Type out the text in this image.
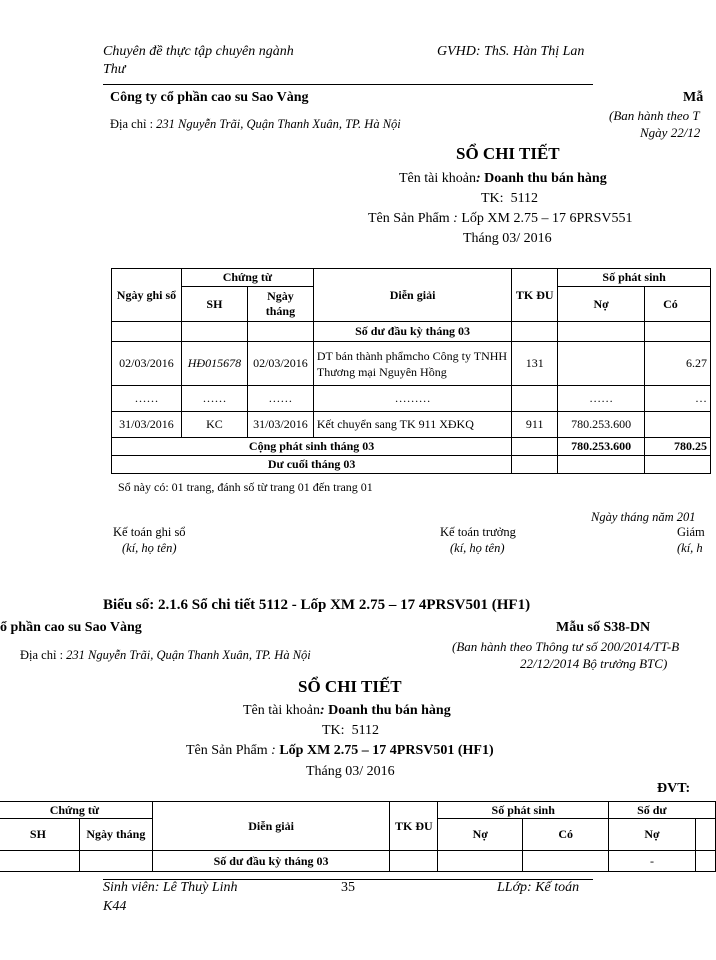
Chuyên đề thực tập chuyên ngành
Thư
GVHD: ThS. Hàn Thị Lan
Công ty cổ phần cao su Sao Vàng	Mẫ
Địa chỉ : 231 Nguyễn Trãi, Quận Thanh Xuân, TP. Hà Nội
(Ban hành theo T
Ngày 22/12
SỔ CHI TIẾT
Tên tài khoản: Doanh thu bán hàng
TK: 5112
Tên Sản Phẩm : Lốp XM 2.75 – 17 6PRSV551
Tháng 03/ 2016
Ngày ghi sổ	Chứng từ		Diễn giải	TK ĐU	Số phát sinh	
	SH	Ngày tháng			Nợ	Có
			Số dư đầu kỳ tháng 03			
02/03/2016	HĐ015678	02/03/2016	DT bán thành phẩmcho Công ty TNHH Thương mại Nguyên Hồng	131		6.27
……	……	……	………		……	…
31/03/2016	KC	31/03/2016	Kết chuyển sang TK 911 XĐKQ	911	780.253.600	
Cộng phát sinh tháng 03					780.253.600	780.25
Dư cuối tháng 03						
Sổ này có: 01 trang, đánh số từ trang 01 đến trang 01
Ngày tháng năm 201
Kế toán ghi sổ
(kí, họ tên)
Kế toán trưởng
(kí, họ tên)
Giám
(kí, h
Biểu số: 2.1.6 Sổ chi tiết 5112 - Lốp XM 2.75 – 17 4PRSV501 (HF1)
ổ phần cao su Sao Vàng	Mẫu số S38-DN
Địa chỉ : 231 Nguyễn Trãi, Quận Thanh Xuân, TP. Hà Nội
(Ban hành theo Thông tư số 200/2014/TT-B
22/12/2014 Bộ trưởng BTC)
SỔ CHI TIẾT
Tên tài khoản: Doanh thu bán hàng
TK: 5112
Tên Sản Phẩm : Lốp XM 2.75 – 17 4PRSV501 (HF1)
Tháng 03/ 2016
ĐVT:
Chứng từ		Diễn giải	TK ĐU	Số phát sinh		Số dư	
SH	Ngày tháng			Nợ	Có	Nợ	
		Số dư đầu kỳ tháng 03				-	
Sinh viên: Lê Thuỳ Linh
K44
35	LLớp: Kế toán
